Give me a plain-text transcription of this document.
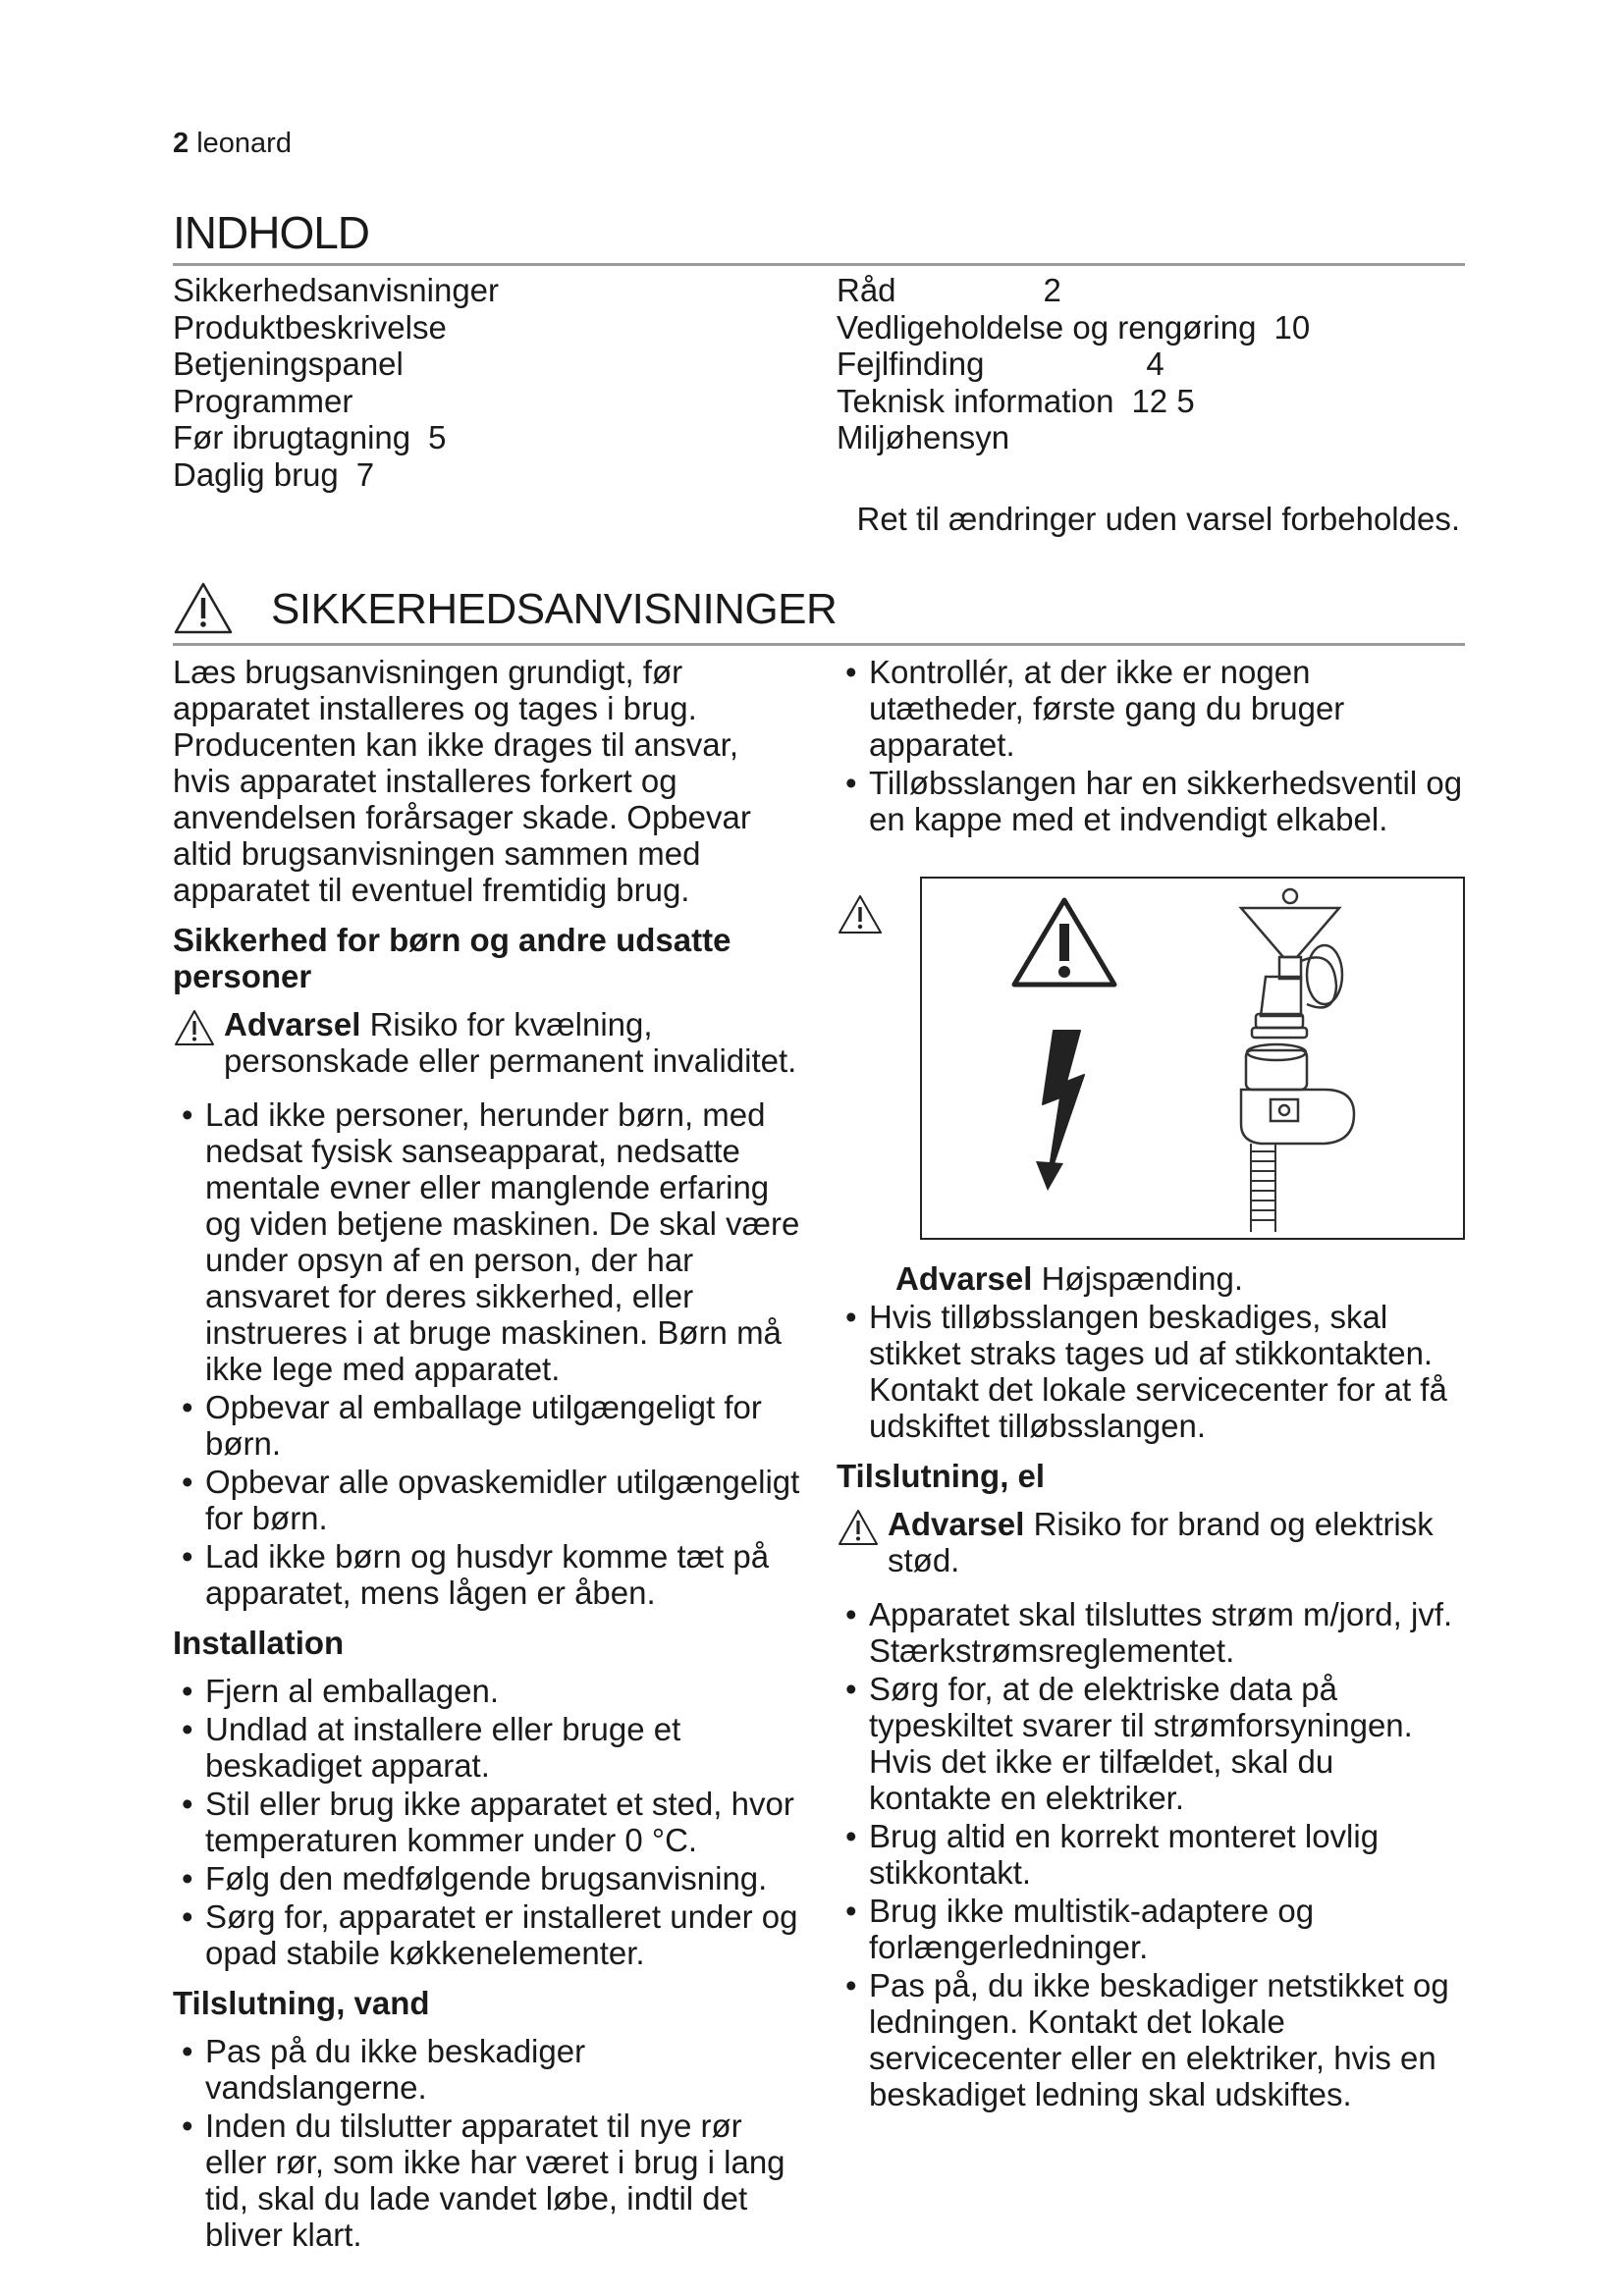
2 leonard
INDHOLD
Sikkerhedsanvisninger
Produktbeskrivelse
Betjeningspanel
Programmer
Før ibrugtagning 5
Daglig brug 7
Råd	2
Vedligeholdelse og rengøring 10
Fejlfinding	4
Teknisk information 12 5
Miljøhensyn
Ret til ændringer uden varsel forbeholdes.
SIKKERHEDSANVISNINGER

Læs brugsanvisningen grundigt, før apparatet installeres og tages i brug. Producenten kan ikke drages til ansvar, hvis apparatet installeres forkert og anvendelsen forårsager skade. Opbevar altid brugsanvisningen sammen med apparatet til eventuel fremtidig brug.

Sikkerhed for børn og andre udsatte personer
Advarsel Risiko for kvælning, personskade eller permanent invaliditet.
• Lad ikke personer, herunder børn, med nedsat fysisk sanseapparat, nedsatte mentale evner eller manglende erfaring og viden betjene maskinen. De skal være under opsyn af en person, der har ansvaret for deres sikkerhed, eller instrueres i at bruge maskinen. Børn må ikke lege med apparatet.
• Opbevar al emballage utilgængeligt for børn.
• Opbevar alle opvaskemidler utilgængeligt for børn.
• Lad ikke børn og husdyr komme tæt på apparatet, mens lågen er åben.
Installation
• Fjern al emballagen.
• Undlad at installere eller bruge et beskadiget apparat.
• Stil eller brug ikke apparatet et sted, hvor temperaturen kommer under 0 °C.
• Følg den medfølgende brugsanvisning.
• Sørg for, apparatet er installeret under og opad stabile køkkenelementer.
Tilslutning, vand
• Pas på du ikke beskadiger vandslangerne.
• Inden du tilslutter apparatet til nye rør eller rør, som ikke har været i brug i lang tid, skal du lade vandet løbe, indtil det bliver klart.
• Kontrollér, at der ikke er nogen utætheder, første gang du bruger apparatet.
• Tilløbsslangen har en sikkerhedsventil og en kappe med et indvendigt elkabel.
Advarsel Højspænding.
• Hvis tilløbsslangen beskadiges, skal stikket straks tages ud af stikkontakten. Kontakt det lokale servicecenter for at få udskiftet tilløbsslangen.
Tilslutning, el
Advarsel Risiko for brand og elektrisk stød.
• Apparatet skal tilsluttes strøm m/jord, jvf. Stærkstrømsreglementet.
• Sørg for, at de elektriske data på typeskiltet svarer til strømforsyningen. Hvis det ikke er tilfældet, skal du kontakte en elektriker.
• Brug altid en korrekt monteret lovlig stikkontakt.
• Brug ikke multistik-adaptere og forlængerledninger.
• Pas på, du ikke beskadiger netstikket og ledningen. Kontakt det lokale servicecenter eller en elektriker, hvis en beskadiget ledning skal udskiftes.
